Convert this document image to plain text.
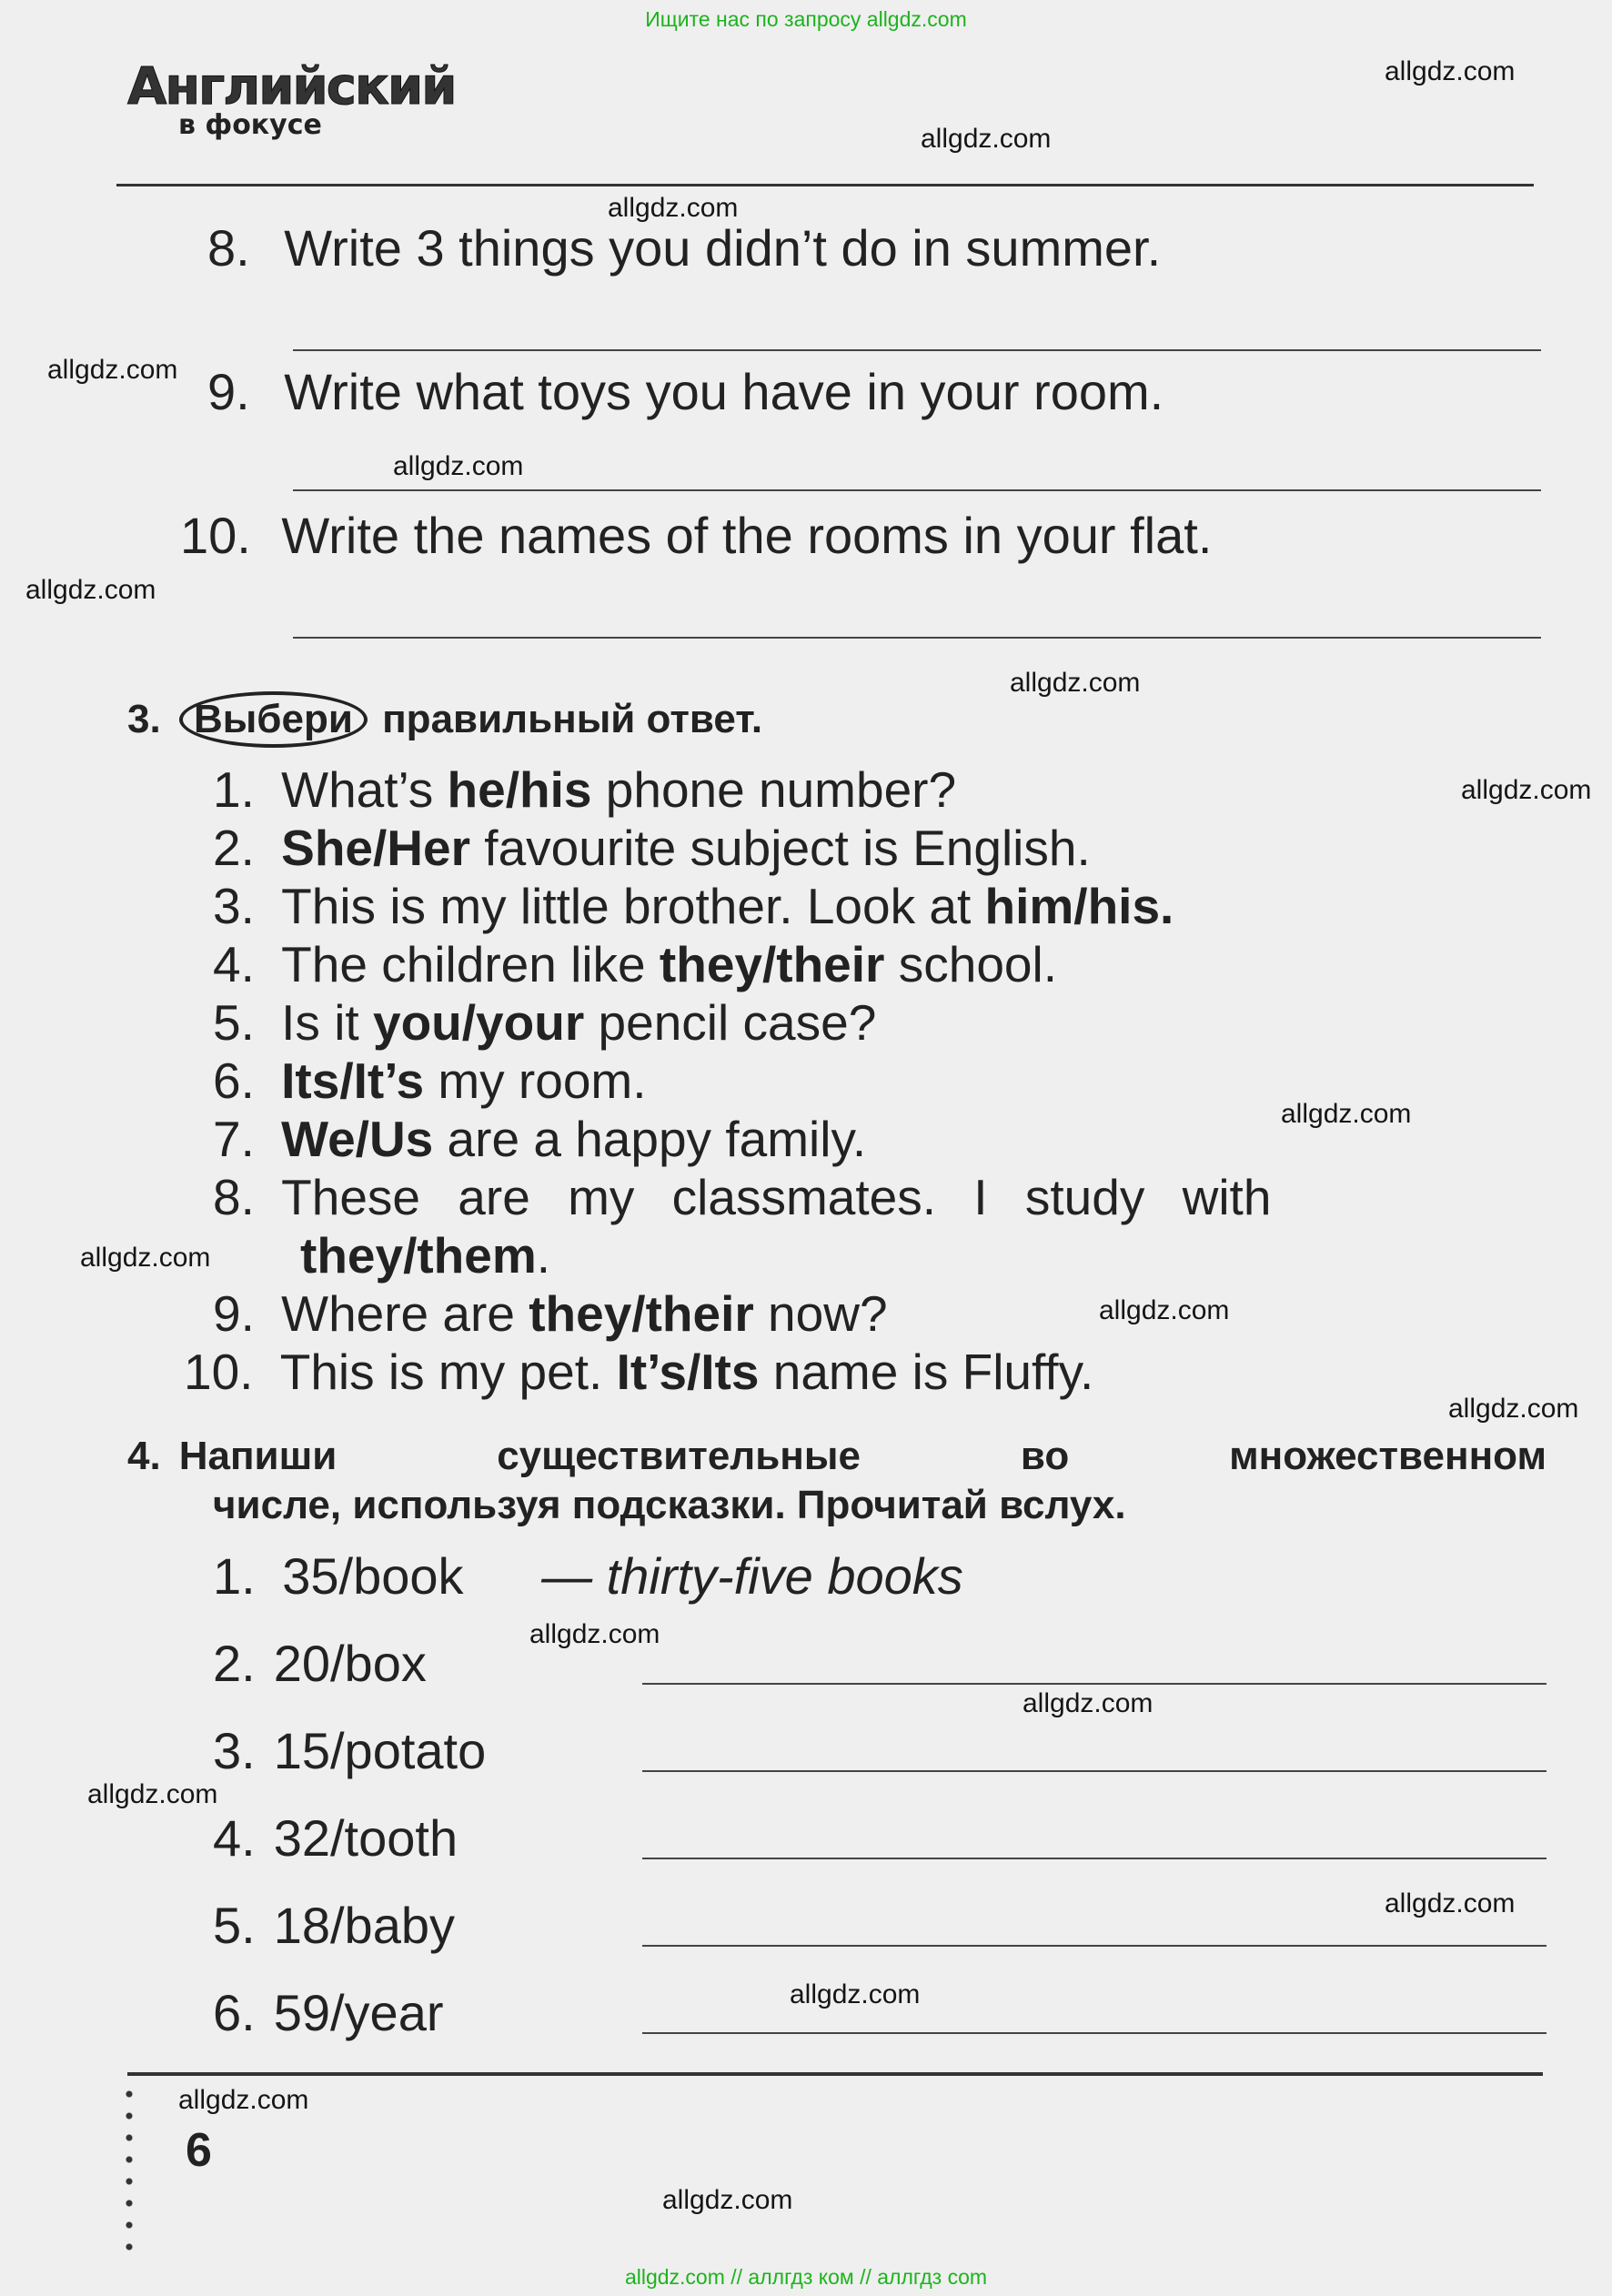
Ищите нас по запросу allgdz.com
allgdz.com // аллгдз ком // аллгдз com

Английский
в фокусе
8. Write 3 things you didn’t do in summer.
9. Write what toys you have in your room.
10. Write the names of the rooms in your flat.
3. Выбери правильный ответ.
1. What’s he/his phone number?
2. She/Her favourite subject is English.
3. This is my little brother. Look at him/his.
4. The children like they/their school.
5. Is it you/your pencil case?
6. Its/It’s my room.
7. We/Us are a happy family.
8. These are my classmates. I study with
they/them.
9. Where are they/their now?
10. This is my pet. It’s/Its name is Fluffy.
4. Напиши существительные во множественном
числе, используя подсказки. Прочитай вслух.
1. 35/book — thirty-five books
2. 20/box
3. 15/potato
4. 32/tooth
5. 18/baby
6. 59/year
6
allgdz.com
allgdz.com
allgdz.com
allgdz.com
allgdz.com
allgdz.com
allgdz.com
allgdz.com
allgdz.com
allgdz.com
allgdz.com
allgdz.com
allgdz.com
allgdz.com
allgdz.com
allgdz.com
allgdz.com
allgdz.com
allgdz.com
